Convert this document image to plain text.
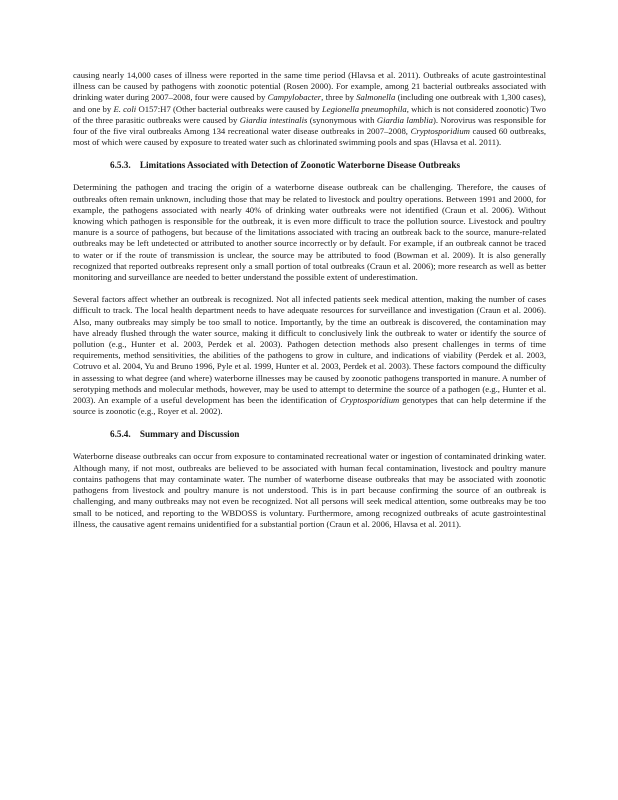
causing nearly 14,000 cases of illness were reported in the same time period (Hlavsa et al. 2011). Outbreaks of acute gastrointestinal illness can be caused by pathogens with zoonotic potential (Rosen 2000). For example, among 21 bacterial outbreaks associated with drinking water during 2007–2008, four were caused by Campylobacter, three by Salmonella (including one outbreak with 1,300 cases), and one by E. coli O157:H7 (Other bacterial outbreaks were caused by Legionella pneumophila, which is not considered zoonotic) Two of the three parasitic outbreaks were caused by Giardia intestinalis (synonymous with Giardia lamblia). Norovirus was responsible for four of the five viral outbreaks Among 134 recreational water disease outbreaks in 2007–2008, Cryptosporidium caused 60 outbreaks, most of which were caused by exposure to treated water such as chlorinated swimming pools and spas (Hlavsa et al. 2011).

6.5.3. Limitations Associated with Detection of Zoonotic Waterborne Disease Outbreaks

Determining the pathogen and tracing the origin of a waterborne disease outbreak can be challenging. Therefore, the causes of outbreaks often remain unknown, including those that may be related to livestock and poultry operations. Between 1991 and 2000, for example, the pathogens associated with nearly 40% of drinking water outbreaks were not identified (Craun et al. 2006). Without knowing which pathogen is responsible for the outbreak, it is even more difficult to trace the pollution source. Livestock and poultry manure is a source of pathogens, but because of the limitations associated with tracing an outbreak back to the source, manure-related outbreaks may be left undetected or attributed to another source incorrectly or by default. For example, if an outbreak cannot be traced to water or if the route of transmission is unclear, the source may be attributed to food (Bowman et al. 2009). It is also generally recognized that reported outbreaks represent only a small portion of total outbreaks (Craun et al. 2006); more research as well as better monitoring and surveillance are needed to better understand the possible extent of underestimation.

Several factors affect whether an outbreak is recognized. Not all infected patients seek medical attention, making the number of cases difficult to track. The local health department needs to have adequate resources for surveillance and investigation (Craun et al. 2006). Also, many outbreaks may simply be too small to notice. Importantly, by the time an outbreak is discovered, the contamination may have already flushed through the water source, making it difficult to conclusively link the outbreak to water or identify the source of pollution (e.g., Hunter et al. 2003, Perdek et al. 2003). Pathogen detection methods also present challenges in terms of time requirements, method sensitivities, the abilities of the pathogens to grow in culture, and indications of viability (Perdek et al. 2003, Cotruvo et al. 2004, Yu and Bruno 1996, Pyle et al. 1999, Hunter et al. 2003, Perdek et al. 2003). These factors compound the difficulty in assessing to what degree (and where) waterborne illnesses may be caused by zoonotic pathogens transported in manure. A number of serotyping methods and molecular methods, however, may be used to attempt to determine the source of a pathogen (e.g., Hunter et al. 2003). An example of a useful development has been the identification of Cryptosporidium genotypes that can help determine if the source is zoonotic (e.g., Royer et al. 2002).

6.5.4. Summary and Discussion

Waterborne disease outbreaks can occur from exposure to contaminated recreational water or ingestion of contaminated drinking water. Although many, if not most, outbreaks are believed to be associated with human fecal contamination, livestock and poultry manure contains pathogens that may contaminate water. The number of waterborne disease outbreaks that may be associated with zoonotic pathogens from livestock and poultry manure is not understood. This is in part because confirming the source of an outbreak is challenging, and many outbreaks may not even be recognized. Not all persons will seek medical attention, some outbreaks may be too small to be noticed, and reporting to the WBDOSS is voluntary. Furthermore, among recognized outbreaks of acute gastrointestinal illness, the causative agent remains unidentified for a substantial portion (Craun et al. 2006, Hlavsa et al. 2011).
